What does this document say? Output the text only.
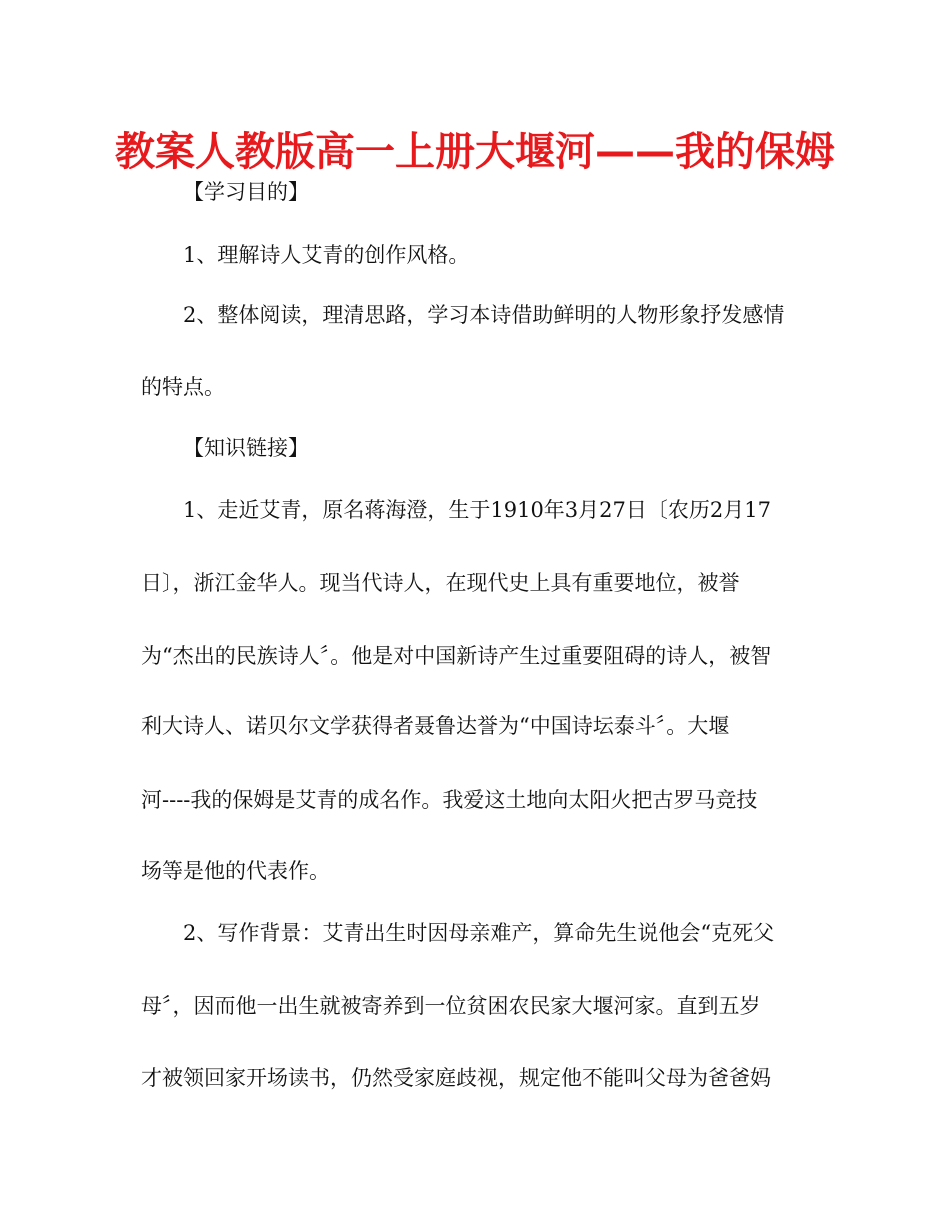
教案人教版高一上册大堰河——我的保姆
【学习目的】
1、理解诗人艾青的创作风格。
2、整体阅读，理清思路，学习本诗借助鲜明的人物形象抒发感情
的特点。
【知识链接】
1、走近艾青，原名蒋海澄，生于1910年3月27日〔农历2月17
日〕，浙江金华人。现当代诗人，在现代史上具有重要地位，被誉
为“杰出的民族诗人〞。他是对中国新诗产生过重要阻碍的诗人，被智
利大诗人、诺贝尔文学获得者聂鲁达誉为“中国诗坛泰斗〞。大堰
河----我的保姆是艾青的成名作。我爱这土地向太阳火把古罗马竞技
场等是他的代表作。
2、写作背景：艾青出生时因母亲难产，算命先生说他会“克死父
母〞，因而他一出生就被寄养到一位贫困农民家大堰河家。直到五岁
才被领回家开场读书，仍然受家庭歧视，规定他不能叫父母为爸爸妈
